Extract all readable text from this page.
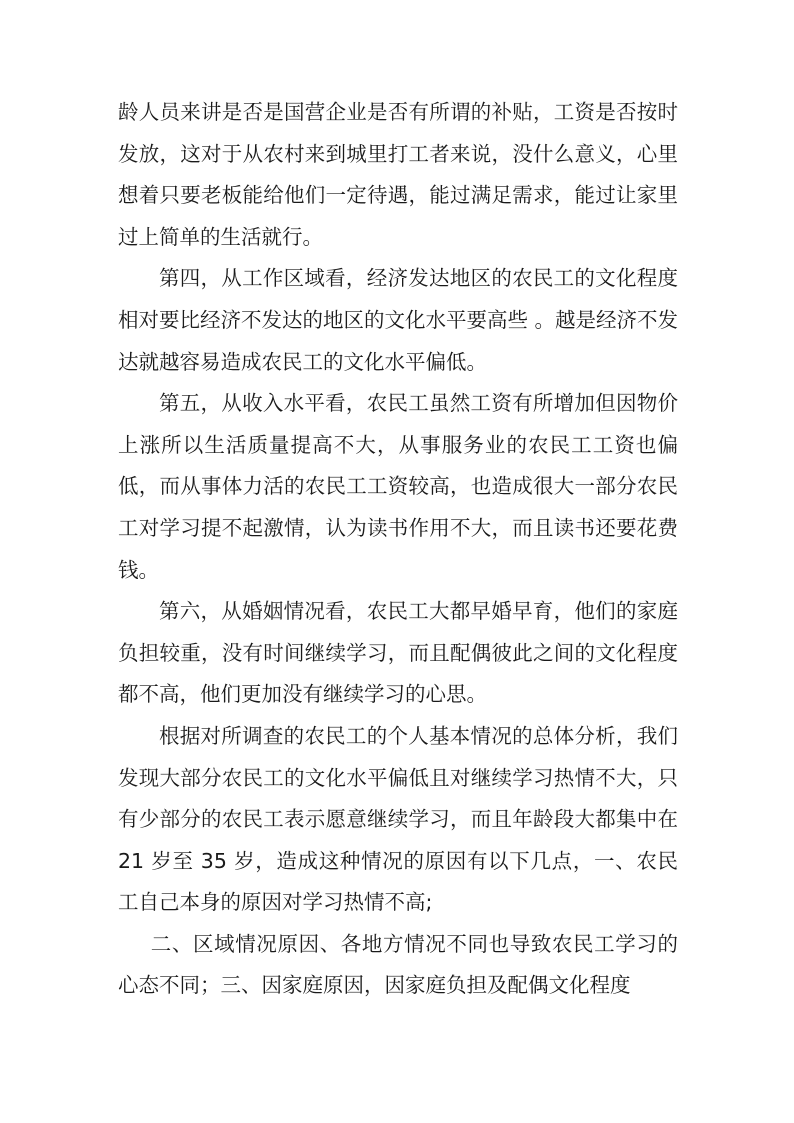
龄人员来讲是否是国营企业是否有所谓的补贴，工资是否按时发放，这对于从农村来到城里打工者来说，没什么意义，心里想着只要老板能给他们一定待遇，能过满足需求，能过让家里过上简单的生活就行。

第四，从工作区域看，经济发达地区的农民工的文化程度相对要比经济不发达的地区的文化水平要高些 。越是经济不发达就越容易造成农民工的文化水平偏低。

第五，从收入水平看，农民工虽然工资有所增加但因物价上涨所以生活质量提高不大，从事服务业的农民工工资也偏低，而从事体力活的农民工工资较高，也造成很大一部分农民工对学习提不起激情，认为读书作用不大，而且读书还要花费钱。

第六，从婚姻情况看，农民工大都早婚早育，他们的家庭负担较重，没有时间继续学习，而且配偶彼此之间的文化程度都不高，他们更加没有继续学习的心思。

根据对所调查的农民工的个人基本情况的总体分析，我们发现大部分农民工的文化水平偏低且对继续学习热情不大，只有少部分的农民工表示愿意继续学习，而且年龄段大都集中在 21 岁至 35 岁，造成这种情况的原因有以下几点，一、农民工自己本身的原因对学习热情不高;

二、区域情况原因、各地方情况不同也导致农民工学习的心态不同；三、因家庭原因，因家庭负担及配偶文化程度
